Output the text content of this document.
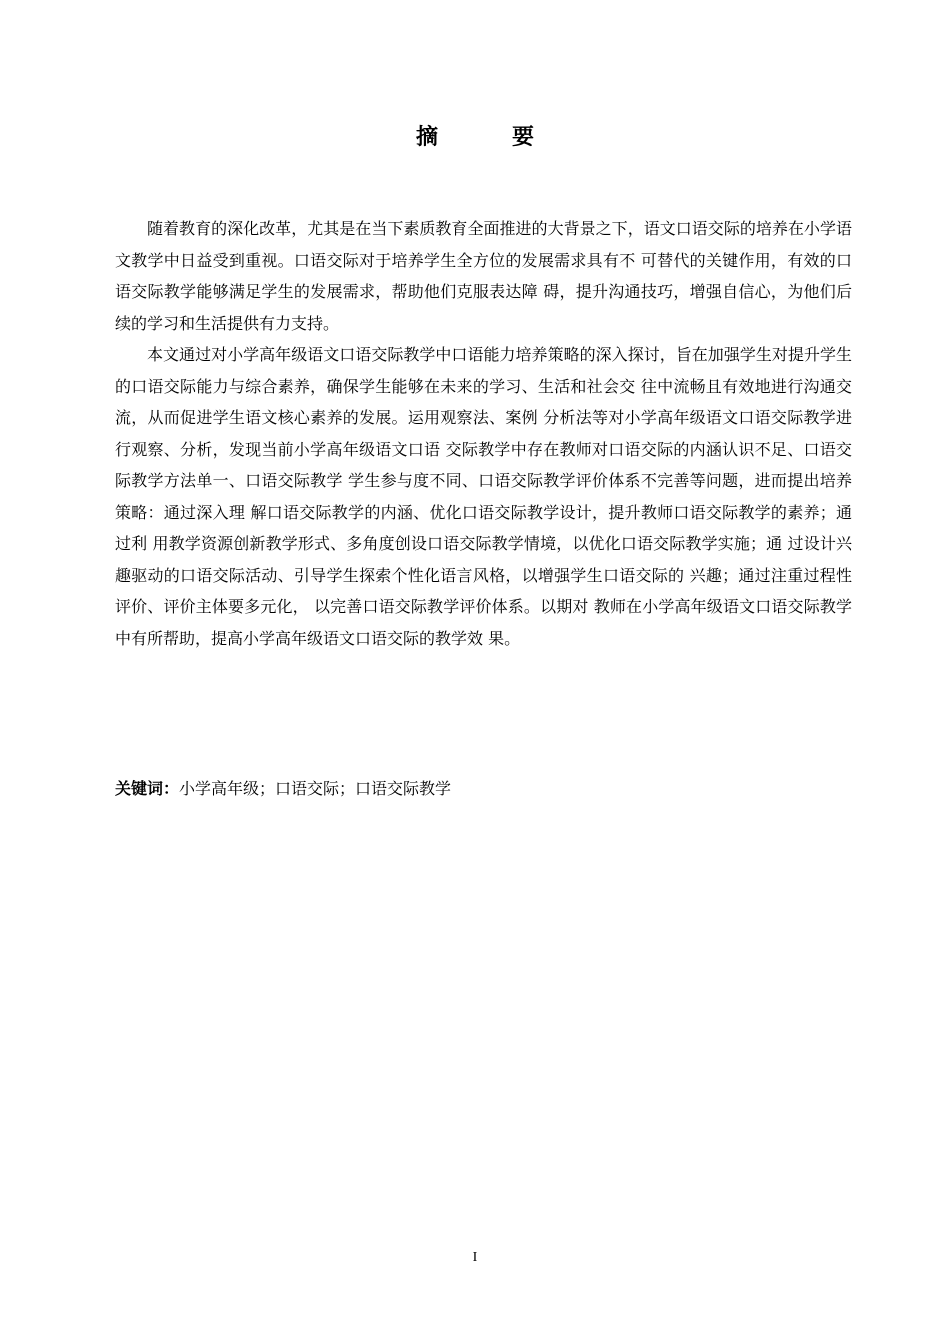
摘　要

随着教育的深化改革，尤其是在当下素质教育全面推进的大背景之下，语文口语交际的培养在小学语文教学中日益受到重视。口语交际对于培养学生全方位的发展需求具有不 可替代的关键作用，有效的口语交际教学能够满足学生的发展需求，帮助他们克服表达障 碍，提升沟通技巧，增强自信心，为他们后续的学习和生活提供有力支持。

本文通过对小学高年级语文口语交际教学中口语能力培养策略的深入探讨，旨在加强学生对提升学生的口语交际能力与综合素养，确保学生能够在未来的学习、生活和社会交 往中流畅且有效地进行沟通交流，从而促进学生语文核心素养的发展。运用观察法、案例 分析法等对小学高年级语文口语交际教学进行观察、分析，发现当前小学高年级语文口语 交际教学中存在教师对口语交际的内涵认识不足、口语交际教学方法单一、口语交际教学 学生参与度不同、口语交际教学评价体系不完善等问题，进而提出培养策略：通过深入理 解口语交际教学的内涵、优化口语交际教学设计，提升教师口语交际教学的素养；通过利 用教学资源创新教学形式、多角度创设口语交际教学情境，以优化口语交际教学实施；通 过设计兴趣驱动的口语交际活动、引导学生探索个性化语言风格，以增强学生口语交际的 兴趣；通过注重过程性评价、评价主体要多元化， 以完善口语交际教学评价体系。以期对 教师在小学高年级语文口语交际教学中有所帮助，提高小学高年级语文口语交际的教学效 果。

关键词：小学高年级；口语交际；口语交际教学

I
